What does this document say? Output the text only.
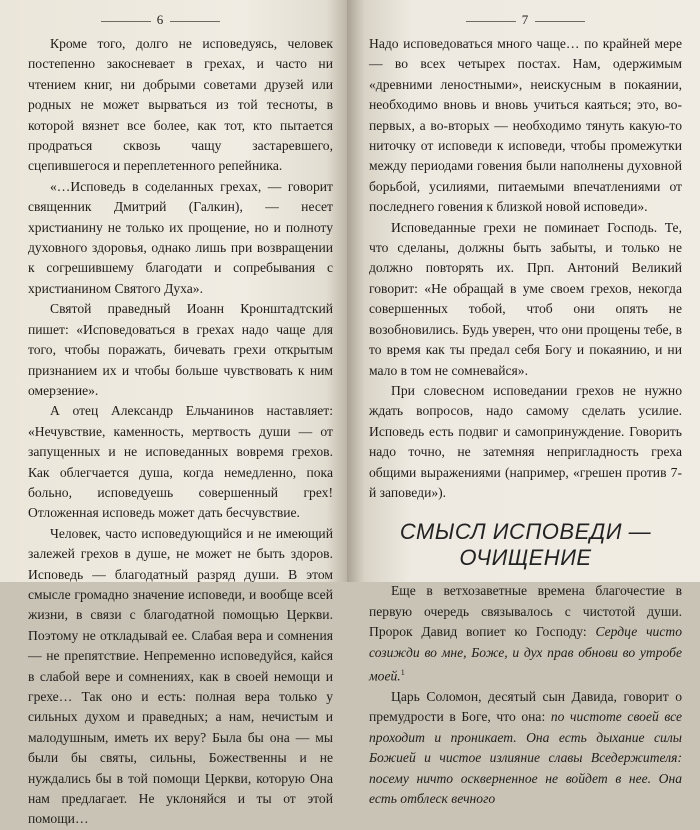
6

Кроме того, долго не исповедуясь, человек постепенно закосневает в грехах, и часто ни чтением книг, ни добрыми советами друзей или родных не может вырваться из той тесноты, в которой вязнет все более, как тот, кто пытается продраться сквозь чащу застаревшего, сцепившегося и переплетенного репейника.

«…Исповедь в соделанных грехах, — говорит священник Дмитрий (Галкин), — несет христианину не только их прощение, но и полноту духовного здоровья, однако лишь при возвращении к согрешившему благодати и сопребывания с христианином Святого Духа».

Святой праведный Иоанн Кронштадтский пишет: «Исповедоваться в грехах надо чаще для того, чтобы поражать, бичевать грехи открытым признанием их и чтобы больше чувствовать к ним омерзение».

А отец Александр Ельчанинов наставляет: «Нечувствие, каменность, мертвость души — от запущенных и не исповеданных вовремя грехов. Как облегчается душа, когда немедленно, пока больно, исповедуешь совершенный грех! Отложенная исповедь может дать бесчувствие.

Человек, часто исповедующийся и не имеющий залежей грехов в душе, не может не быть здоров. Исповедь — благодатный разряд души. В этом смысле громадно значение исповеди, и вообще всей жизни, в связи с благодатной помощью Церкви. Поэтому не откладывай ее. Слабая вера и сомнения — не препятствие. Непременно исповедуйся, кайся в слабой вере и сомнениях, как в своей немощи и грехе… Так оно и есть: полная вера только у сильных духом и праведных; а нам, нечистым и малодушным, иметь их веру? Была бы она — мы были бы святы, сильны, Божественны и не нуждались бы в той помощи Церкви, которую Она нам предлагает. Не уклоняйся и ты от этой помощи…

7

Надо исповедоваться много чаще… по крайней мере — во всех четырех постах. Нам, одержимым «древними леностными», неискусным в покаянии, необходимо вновь и вновь учиться каяться; это, во-первых, а во-вторых — необходимо тянуть какую-то ниточку от исповеди к исповеди, чтобы промежутки между периодами говения были наполнены духовной борьбой, усилиями, питаемыми впечатлениями от последнего говения к близкой новой исповеди».

Исповеданные грехи не поминает Господь. Те, что сделаны, должны быть забыты, и только не должно повторять их. Прп. Антоний Великий говорит: «Не обращай в уме своем грехов, некогда совершенных тобой, чтоб они опять не возобновились. Будь уверен, что они прощены тебе, в то время как ты предал себя Богу и покаянию, и ни мало в том не сомневайся».

При словесном исповедании грехов не нужно ждать вопросов, надо самому сделать усилие. Исповедь есть подвиг и самопринуждение. Говорить надо точно, не затемняя непригладность греха общими выражениями (например, «грешен против 7-й заповеди»).

СМЫСЛ ИСПОВЕДИ — ОЧИЩЕНИЕ

Еще в ветхозаветные времена благочестие в первую очередь связывалось с чистотой души. Пророк Давид вопиет ко Господу: Сердце чисто созижди во мне, Боже, и дух прав обнови во утробе моей.$^1$

Царь Соломон, десятый сын Давида, говорит о премудрости в Боге, что она: по чистоте своей все проходит и проникает. Она есть дыхание силы Божией и чистое излияние славы Вседержителя: посему ничто оскверненное не войдет в нее. Она есть отблеск вечного
